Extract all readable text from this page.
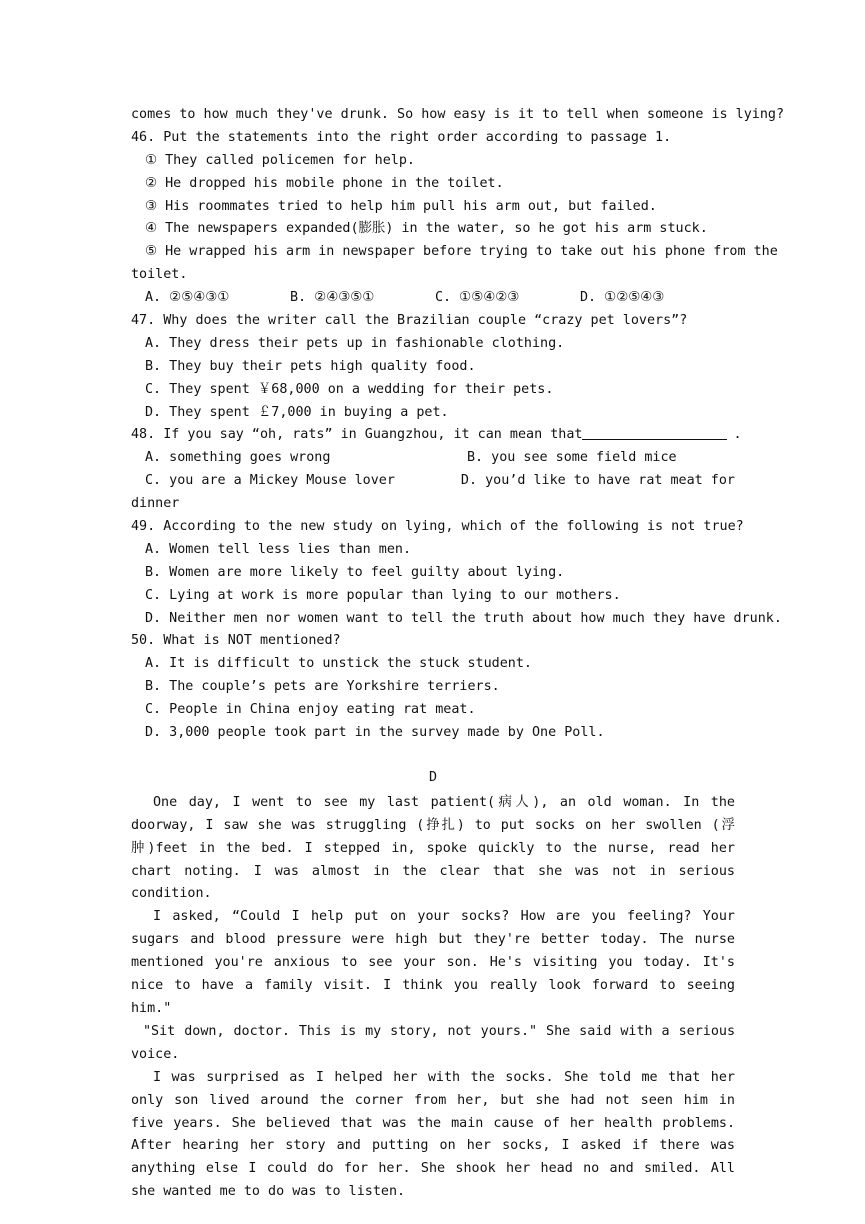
comes to how much they've drunk. So how easy is it to tell when someone is lying?
46. Put the statements into the right order according to passage 1.
① They called policemen for help.
② He dropped his mobile phone in the toilet.
③ His roommates tried to help him pull his arm out, but failed.
④ The newspapers expanded(膨胀) in the water, so he got his arm stuck.
⑤ He wrapped his arm in newspaper before trying to take out his phone from the
toilet.
A. ②⑤④③①	B. ②④③⑤①	C. ①⑤④②③	D. ①②⑤④③
47. Why does the writer call the Brazilian couple “crazy pet lovers”?
A. They dress their pets up in fashionable clothing.
B. They buy their pets high quality food.
C. They spent ￥68,000 on a wedding for their pets.
D. They spent ￡7,000 in buying a pet.
48. If you say “oh, rats” in Guangzhou, it can mean that	.
A. something goes wrong	B. you see some field mice
C. you are a Mickey Mouse lover	D. you’d like to have rat meat for
dinner
49. According to the new study on lying, which of the following is not true?
A. Women tell less lies than men.
B. Women are more likely to feel guilty about lying.
C. Lying at work is more popular than lying to our mothers.
D. Neither men nor women want to tell the truth about how much they have drunk.
50. What is NOT mentioned?
A. It is difficult to unstick the stuck student.
B. The couple’s pets are Yorkshire terriers.
C. People in China enjoy eating rat meat.
D. 3,000 people took part in the survey made by One Poll.
D

One day, I went to see my last patient(病人), an old woman. In the doorway, I saw she was struggling (挣扎) to put socks on her swollen (浮肿)feet in the bed. I stepped in, spoke quickly to the nurse, read her chart noting. I was almost in the clear that she was not in serious condition.

I asked, “Could I help put on your socks? How are you feeling? Your sugars and blood pressure were high but they're better today. The nurse mentioned you're anxious to see your son. He's visiting you today. It's nice to have a family visit. I think you really look forward to seeing him."

"Sit down, doctor. This is my story, not yours." She said with a serious voice.

I was surprised as I helped her with the socks. She told me that her only son lived around the corner from her, but she had not seen him in five years. She believed that was the main cause of her health problems. After hearing her story and putting on her socks, I asked if there was anything else I could do for her. She shook her head no and smiled. All she wanted me to do was to listen.
